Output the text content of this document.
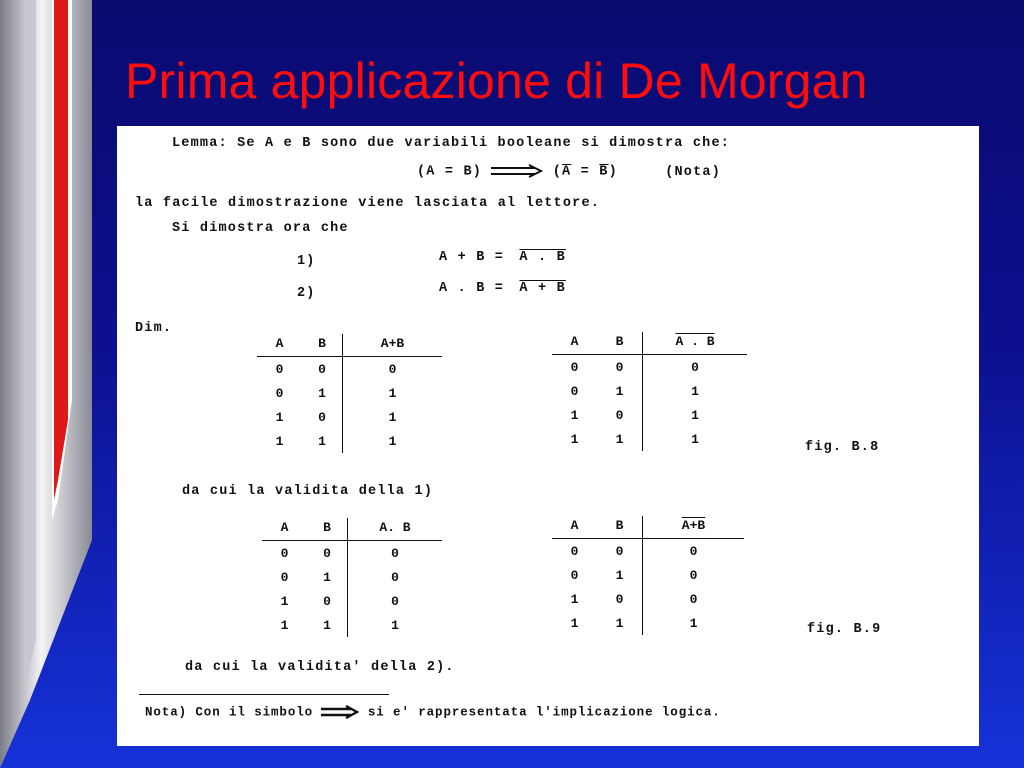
Prima applicazione di De Morgan
Lemma: Se A e B sono due variabili booleane si dimostra che:
(A = B)	$(\overline{A} = \overline{B})$	(Nota)
la facile dimostrazione viene lasciata al lettore.
Si dimostra ora che
1)	A + B = A . B
2)	A . B = A + B
Dim.
A	B	A+B
0	0	0
0	1	1
1	0	1
1	1	1
A	B	A . B
0	0	0
0	1	1
1	0	1
1	1	1
fig. B.8
da cui la validita della 1)
A	B	A. B
0	0	0
0	1	0
1	0	0
1	1	1
A	B	A+B
0	0	0
0	1	0
1	0	0
1	1	1	fig. B.9
da cui la validita' della 2).
Nota) Con il simbolo	si e' rappresentata l'implicazione logica.
